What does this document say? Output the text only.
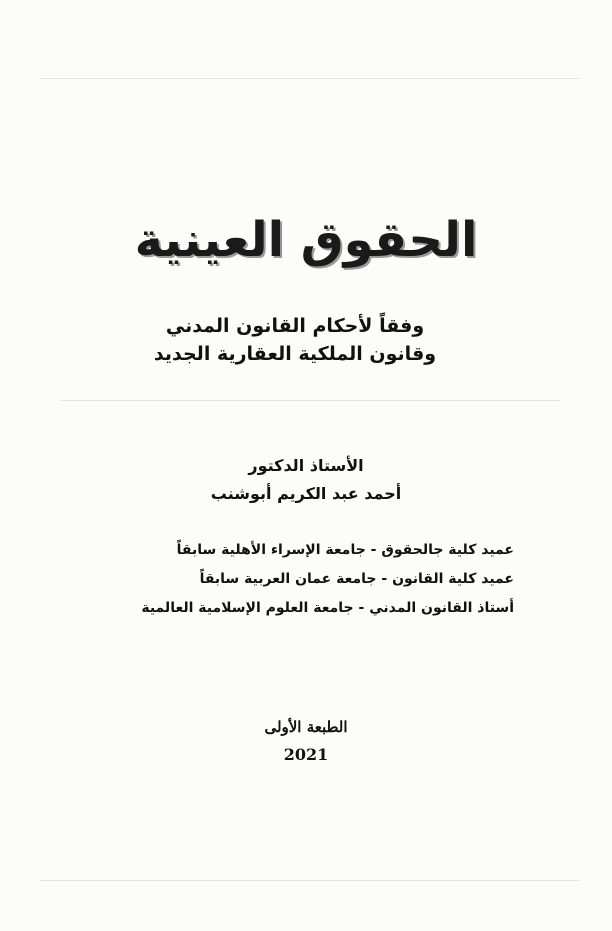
الحقوق العينية
وفقاً لأحكام القانون المدني
وقانون الملكية العقارية الجديد
الأستاذ الدكتور
أحمد عبد الكريم أبوشنب
عميد كلية جالحقوق - جامعة الإسراء الأهلية سابقاً
عميد كلية القانون - جامعة عمان العربية سابقاً
أستاذ القانون المدني - جامعة العلوم الإسلامية العالمية
الطبعة الأولى
2021
